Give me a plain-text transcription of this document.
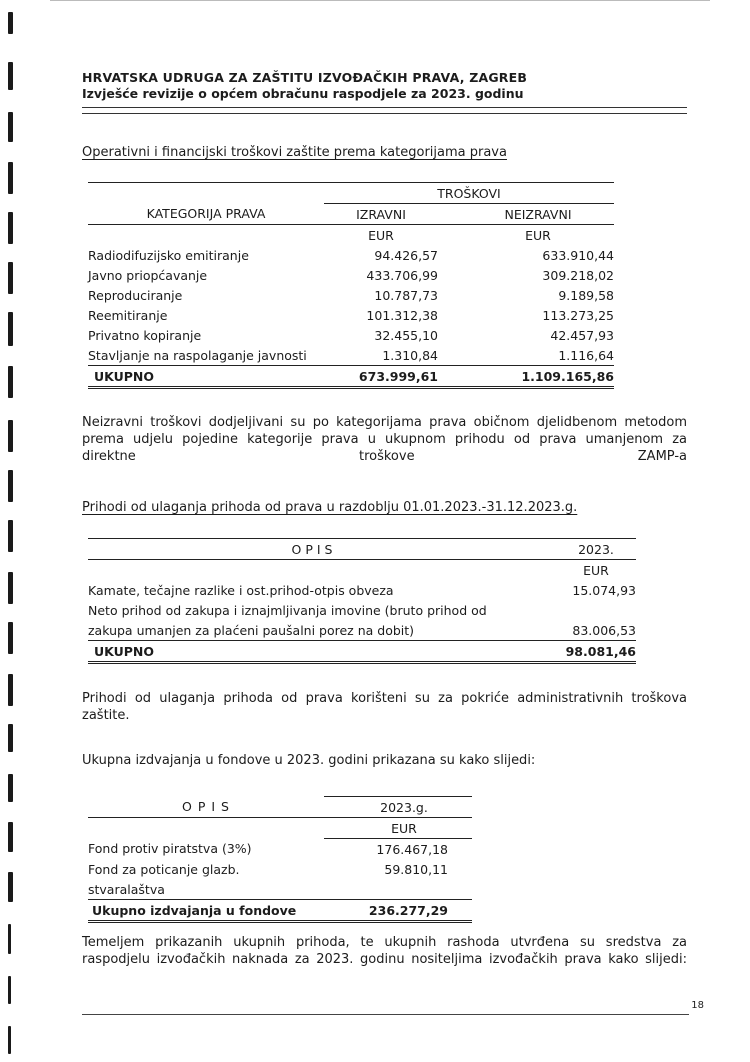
HRVATSKA UDRUGA ZA ZAŠTITU IZVOĐAČKIH PRAVA, ZAGREB
Izvješće revizije o općem obračunu raspodjele za 2023. godinu
Operativni i financijski troškovi zaštite prema kategorijama prava
	TROŠKOVI	
KATEGORIJA PRAVA	IZRAVNI	NEIZRAVNI
	EUR	EUR
Radiodifuzijsko emitiranje	94.426,57	633.910,44
Javno priopćavanje	433.706,99	309.218,02
Reproduciranje	10.787,73	9.189,58
Reemitiranje	101.312,38	113.273,25
Privatno kopiranje	32.455,10	42.457,93
Stavljanje na raspolaganje javnosti	1.310,84	1.116,64
UKUPNO	673.999,61	1.109.165,86
Neizravni troškovi dodjeljivani su po kategorijama prava običnom djelidbenom metodom prema udjelu pojedine kategorije prava u ukupnom prihodu od prava umanjenom za direktne troškove ZAMP-a
Prihodi od ulaganja prihoda od prava u razdoblju 01.01.2023.-31.12.2023.g.
O P I S	2023.
	EUR
Kamate, tečajne razlike i ost.prihod-otpis obveza	15.074,93
Neto prihod od zakupa i iznajmljivanja imovine (bruto prihod od	
zakupa umanjen za plaćeni paušalni porez na dobit)	83.006,53
UKUPNO	98.081,46
Prihodi od ulaganja prihoda od prava korišteni su za pokriće administrativnih troškova zaštite.
Ukupna izdvajanja u fondove u 2023. godini prikazana su kako slijedi:
O P I S	2023.g.
	EUR
Fond protiv piratstva (3%)	176.467,18
Fond za poticanje glazb.	59.810,11
stvaralaštva	
Ukupno izdvajanja u fondove	236.277,29
Temeljem prikazanih ukupnih prihoda, te ukupnih rashoda utvrđena su sredstva za raspodjelu izvođačkih naknada za 2023. godinu nositeljima izvođačkih prava kako slijedi:
18
